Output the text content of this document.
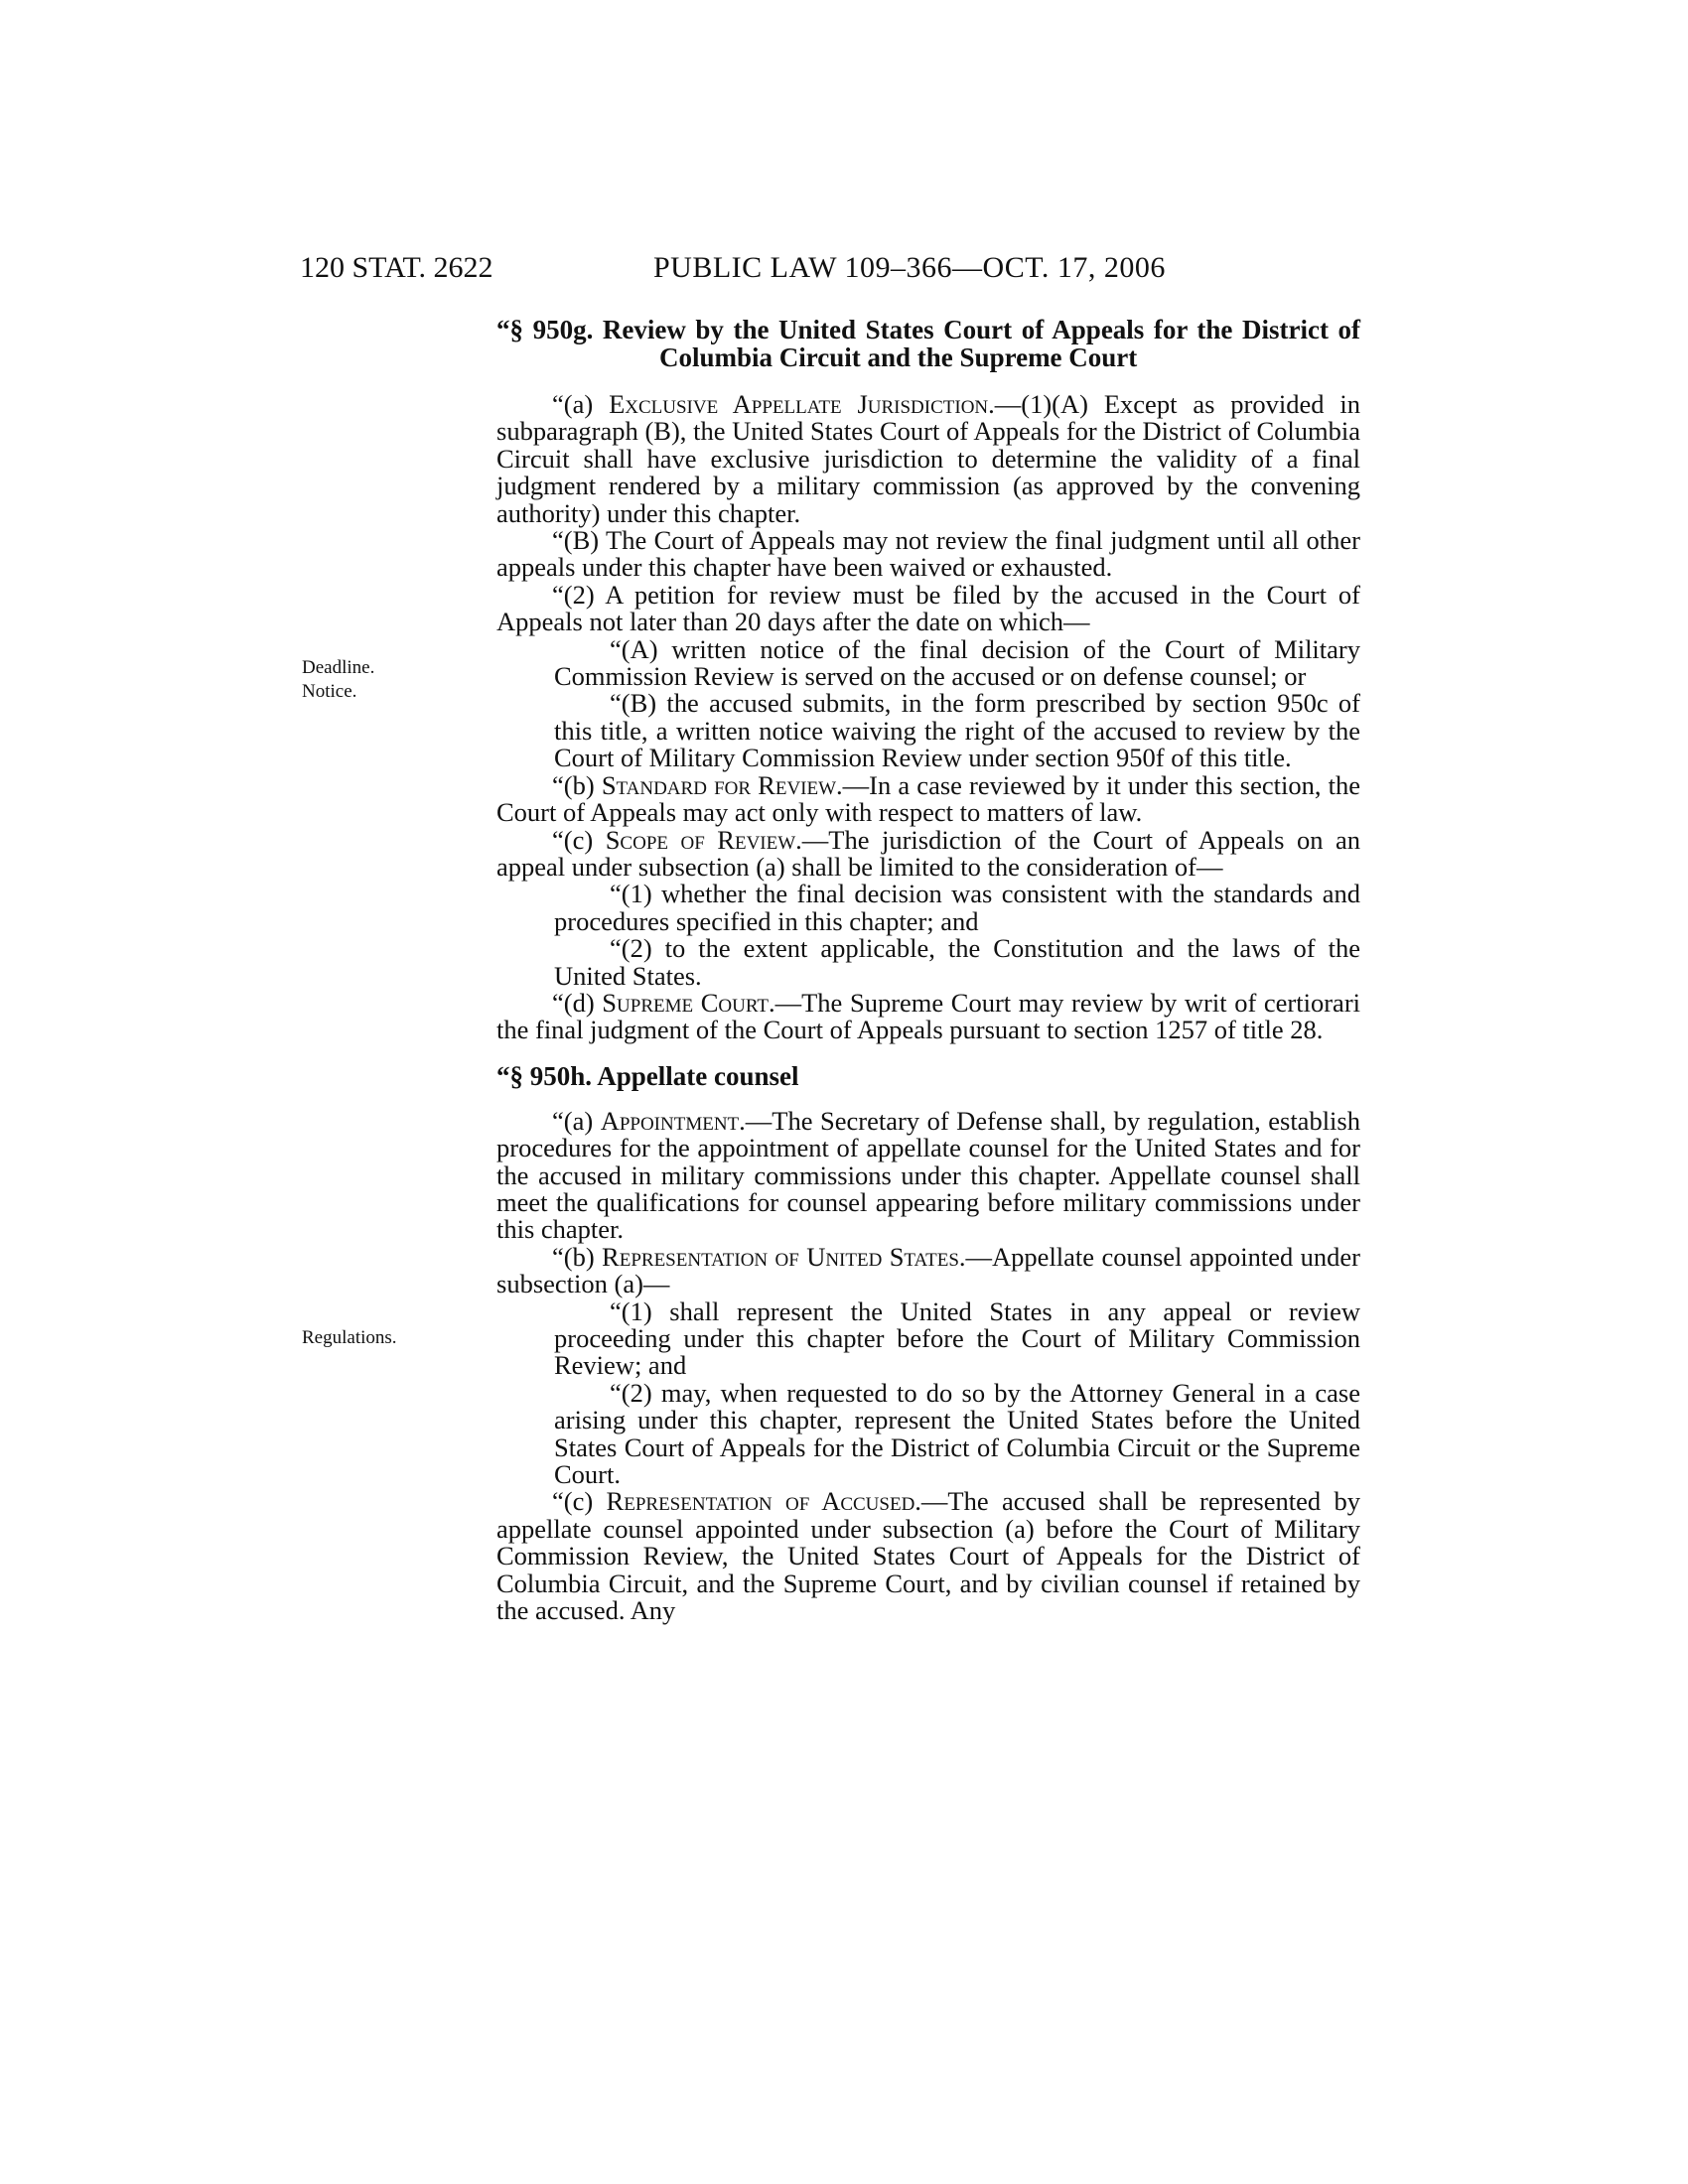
120 STAT. 2622	PUBLIC LAW 109–366—OCT. 17, 2006
Deadline.
Notice.
Regulations.
“§ 950g. Review by the United States Court of Appeals for the District of Columbia Circuit and the Supreme Court

“(a) Exclusive Appellate Jurisdiction.—(1)(A) Except as provided in subparagraph (B), the United States Court of Appeals for the District of Columbia Circuit shall have exclusive jurisdiction to determine the validity of a final judgment rendered by a military commission (as approved by the convening authority) under this chapter.

“(B) The Court of Appeals may not review the final judgment until all other appeals under this chapter have been waived or exhausted.

“(2) A petition for review must be filed by the accused in the Court of Appeals not later than 20 days after the date on which—

“(A) written notice of the final decision of the Court of Military Commission Review is served on the accused or on defense counsel; or

“(B) the accused submits, in the form prescribed by section 950c of this title, a written notice waiving the right of the accused to review by the Court of Military Commission Review under section 950f of this title.

“(b) Standard for Review.—In a case reviewed by it under this section, the Court of Appeals may act only with respect to matters of law.

“(c) Scope of Review.—The jurisdiction of the Court of Appeals on an appeal under subsection (a) shall be limited to the consideration of—

“(1) whether the final decision was consistent with the standards and procedures specified in this chapter; and

“(2) to the extent applicable, the Constitution and the laws of the United States.

“(d) Supreme Court.—The Supreme Court may review by writ of certiorari the final judgment of the Court of Appeals pursuant to section 1257 of title 28.

“§ 950h. Appellate counsel

“(a) Appointment.—The Secretary of Defense shall, by regulation, establish procedures for the appointment of appellate counsel for the United States and for the accused in military commissions under this chapter. Appellate counsel shall meet the qualifications for counsel appearing before military commissions under this chapter.

“(b) Representation of United States.—Appellate counsel appointed under subsection (a)—

“(1) shall represent the United States in any appeal or review proceeding under this chapter before the Court of Military Commission Review; and

“(2) may, when requested to do so by the Attorney General in a case arising under this chapter, represent the United States before the United States Court of Appeals for the District of Columbia Circuit or the Supreme Court.

“(c) Representation of Accused.—The accused shall be represented by appellate counsel appointed under subsection (a) before the Court of Military Commission Review, the United States Court of Appeals for the District of Columbia Circuit, and the Supreme Court, and by civilian counsel if retained by the accused. Any
